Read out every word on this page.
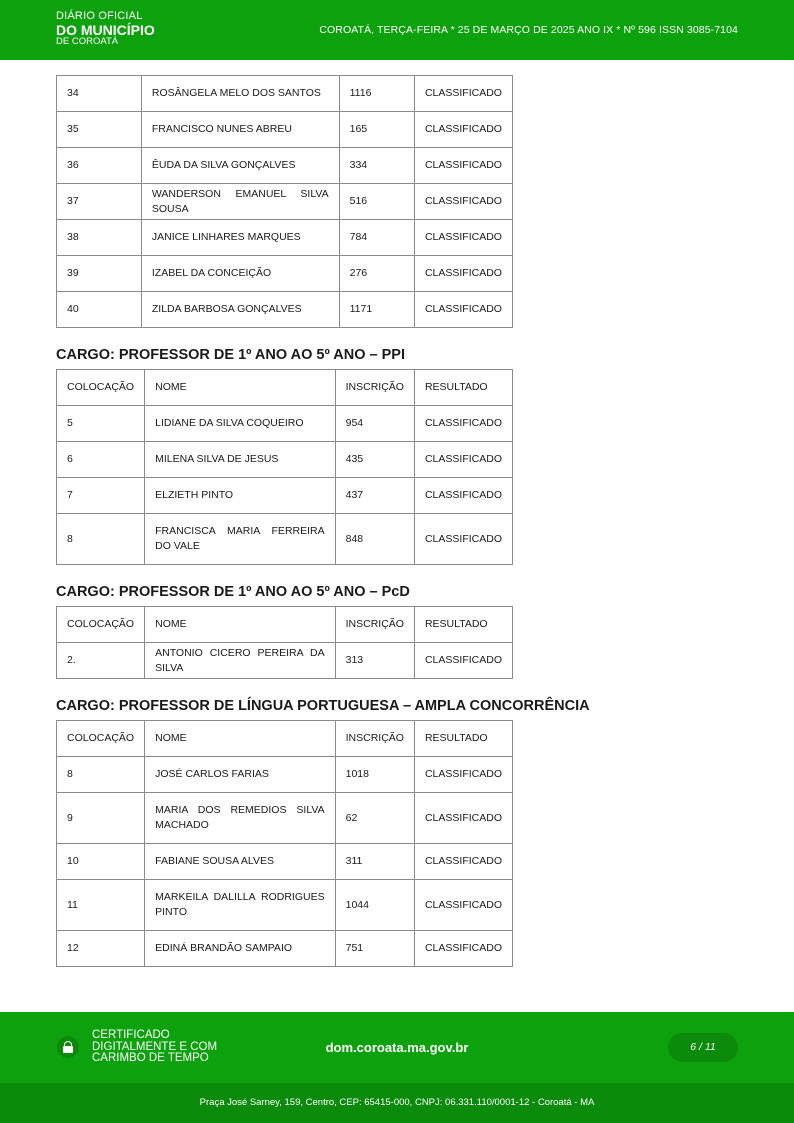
DIÁRIO OFICIAL
DO MUNICÍPIO
DE COROATÁ
COROATÁ, TERÇA-FEIRA * 25 DE MARÇO DE 2025 ANO IX * Nº 596 ISSN 3085-7104
34	ROSÂNGELA MELO DOS SANTOS	1116	CLASSIFICADO
35	FRANCISCO NUNES ABREU	165	CLASSIFICADO
36	ÊUDA DA SILVA GONÇALVES	334	CLASSIFICADO
37	WANDERSON EMANUEL SILVA SOUSA	516	CLASSIFICADO
38	JANICE LINHARES MARQUES	784	CLASSIFICADO
39	IZABEL DA CONCEIÇÃO	276	CLASSIFICADO
40	ZILDA BARBOSA GONÇALVES	1171	CLASSIFICADO
CARGO: PROFESSOR DE 1º ANO AO 5º ANO – PPI
COLOCAÇÃO	NOME	INSCRIÇÃO	RESULTADO
5	LIDIANE DA SILVA COQUEIRO	954	CLASSIFICADO
6	MILENA SILVA DE JESUS	435	CLASSIFICADO
7	ELZIETH PINTO	437	CLASSIFICADO
8	FRANCISCA MARIA FERREIRA DO VALE	848	CLASSIFICADO
CARGO: PROFESSOR DE 1º ANO AO 5º ANO – PcD
COLOCAÇÃO	NOME	INSCRIÇÃO	RESULTADO
2.	ANTONIO CICERO PEREIRA DA SILVA	313	CLASSIFICADO
CARGO: PROFESSOR DE LÍNGUA PORTUGUESA – AMPLA CONCORRÊNCIA
COLOCAÇÃO	NOME	INSCRIÇÃO	RESULTADO
8	JOSÉ CARLOS FARIAS	1018	CLASSIFICADO
9	MARIA DOS REMEDIOS SILVA MACHADO	62	CLASSIFICADO
10	FABIANE SOUSA ALVES	311	CLASSIFICADO
11	MARKEILA DALILLA RODRIGUES PINTO	1044	CLASSIFICADO
12	EDINÁ BRANDÃO SAMPAIO	751	CLASSIFICADO
CERTIFICADO
DIGITALMENTE E COM
CARIMBO DE TEMPO
dom.coroata.ma.gov.br	6 / 11
Praça José Sarney, 159, Centro, CEP: 65415-000, CNPJ: 06.331.110/0001-12 - Coroatá - MA
